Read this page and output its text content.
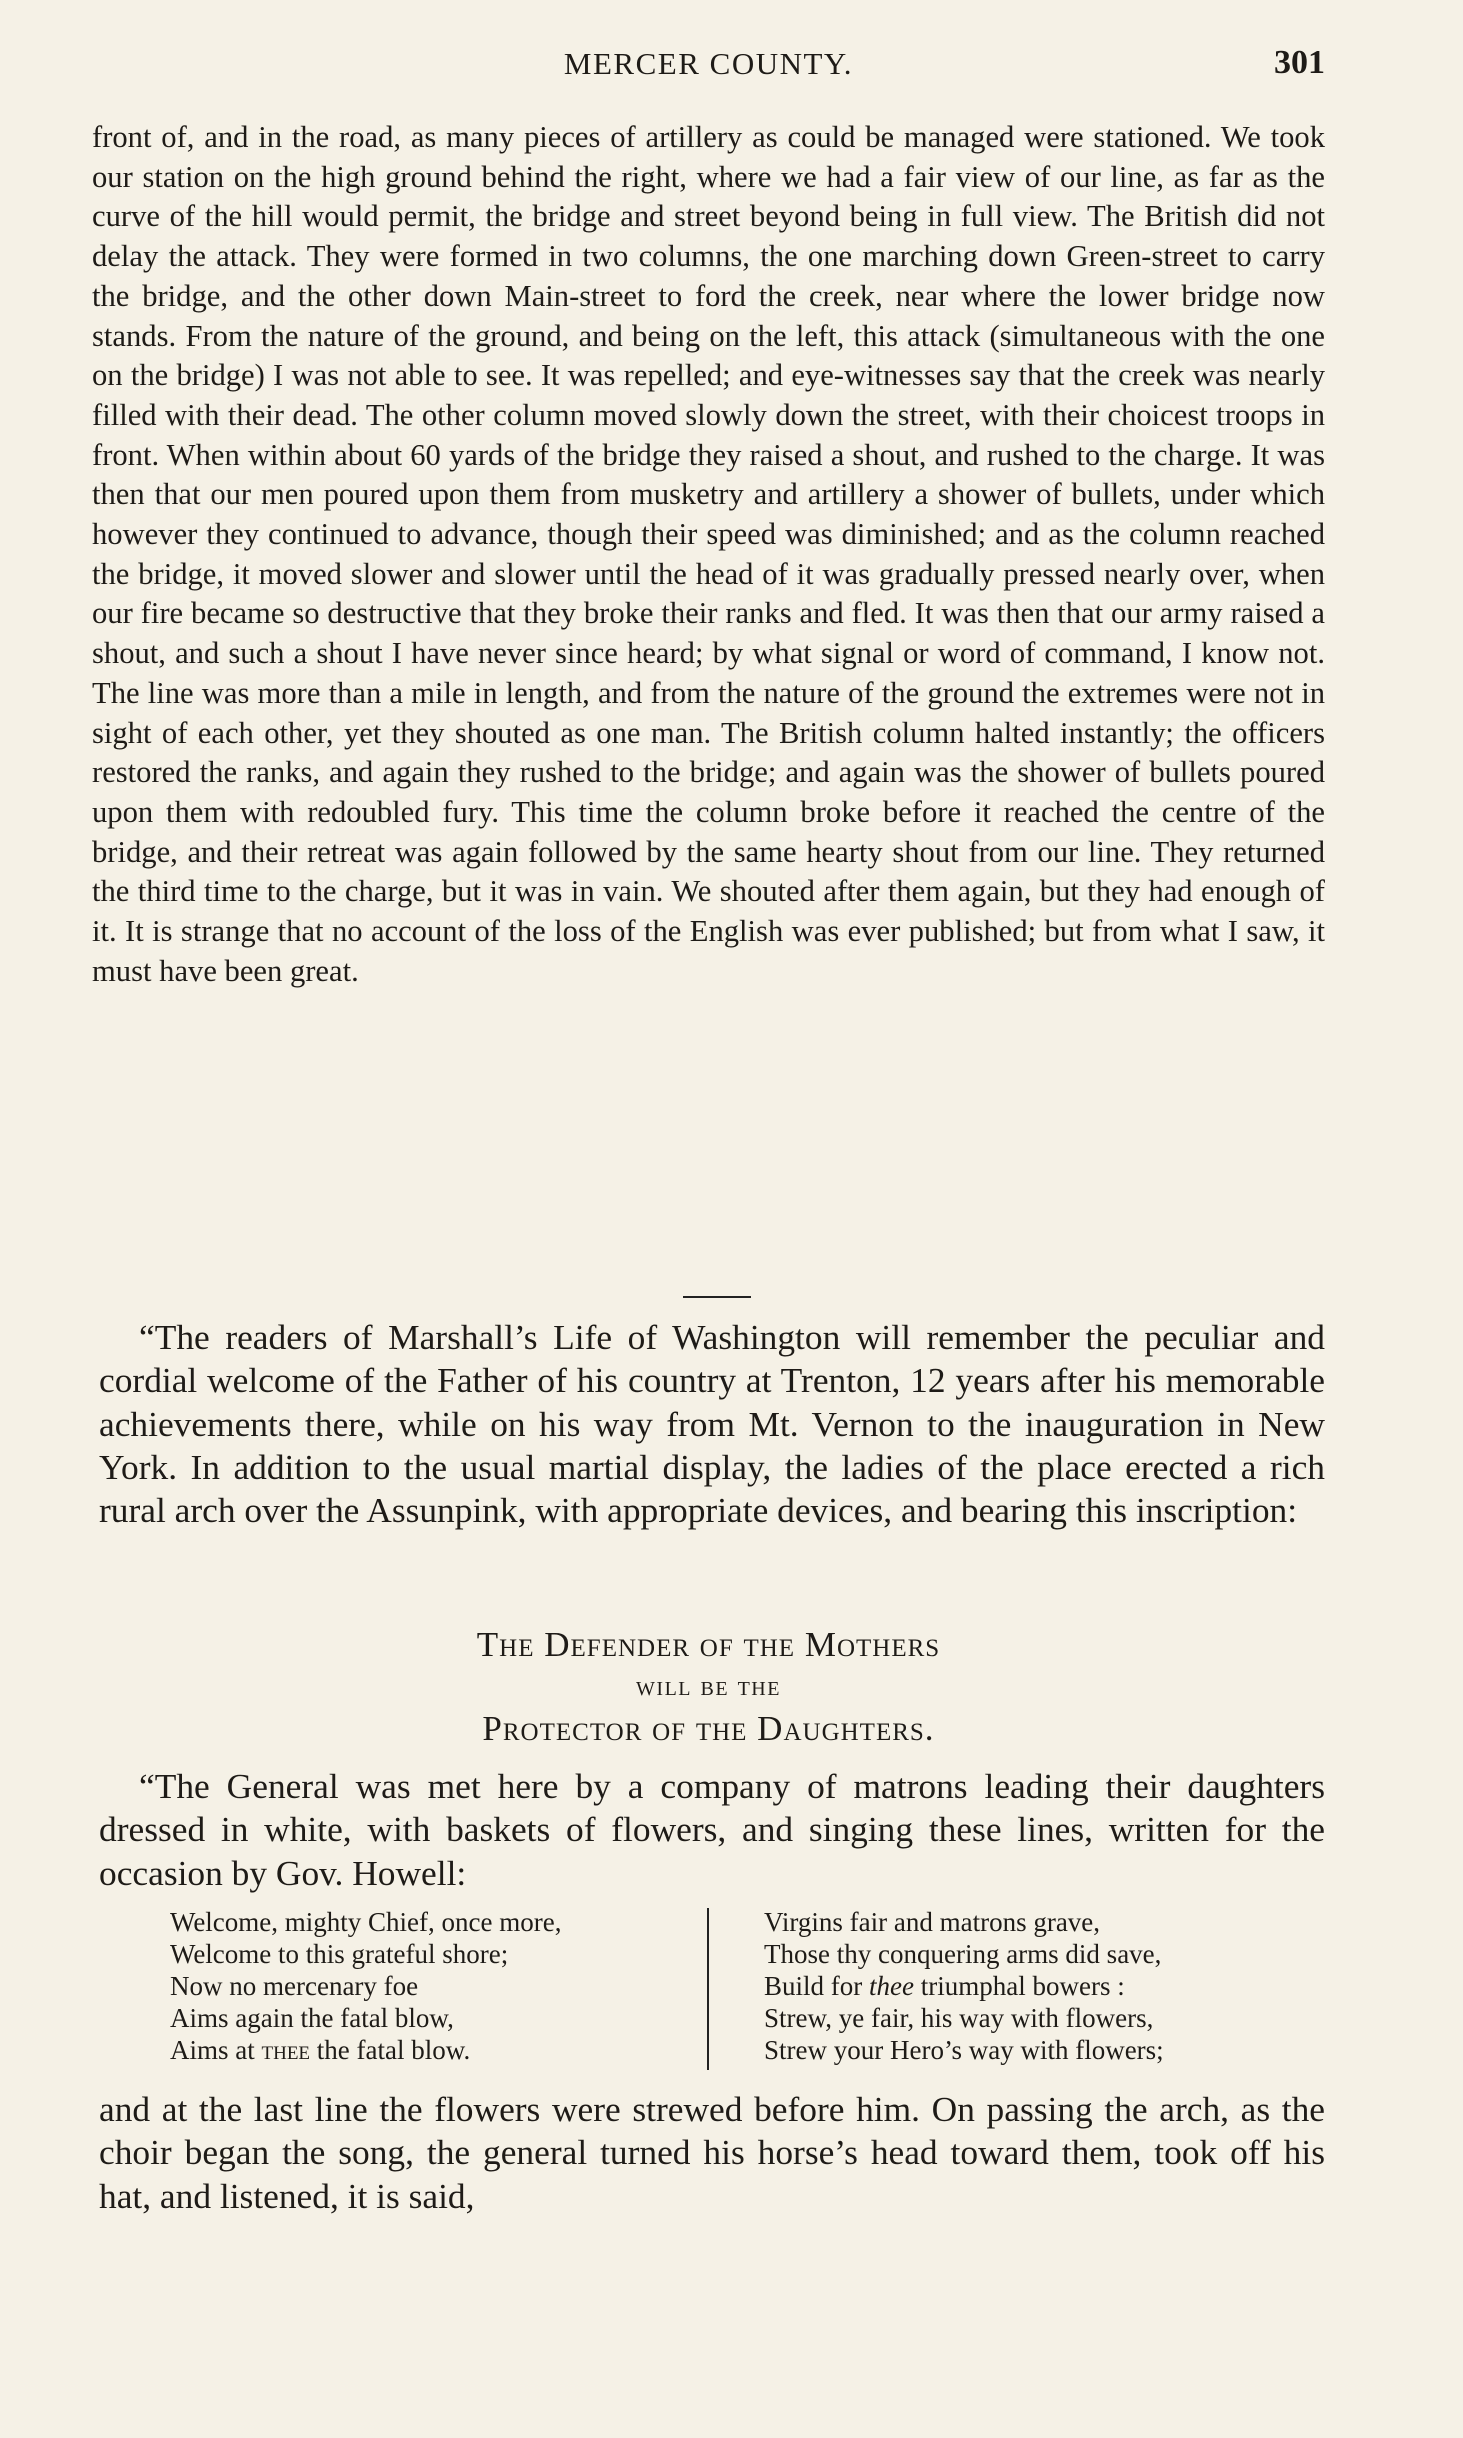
MERCER COUNTY.	301

front of, and in the road, as many pieces of artillery as could be managed were stationed. We took our station on the high ground behind the right, where we had a fair view of our line, as far as the curve of the hill would permit, the bridge and street beyond being in full view. The British did not delay the attack. They were formed in two columns, the one marching down Green-street to carry the bridge, and the other down Main-street to ford the creek, near where the lower bridge now stands. From the nature of the ground, and being on the left, this attack (simultaneous with the one on the bridge) I was not able to see. It was repelled; and eye-witnesses say that the creek was nearly filled with their dead. The other column moved slowly down the street, with their choicest troops in front. When within about 60 yards of the bridge they raised a shout, and rushed to the charge. It was then that our men poured upon them from musketry and artillery a shower of bullets, under which however they continued to advance, though their speed was diminished; and as the column reached the bridge, it moved slower and slower until the head of it was gradually pressed nearly over, when our fire became so destructive that they broke their ranks and fled. It was then that our army raised a shout, and such a shout I have never since heard; by what signal or word of command, I know not. The line was more than a mile in length, and from the nature of the ground the extremes were not in sight of each other, yet they shouted as one man. The British column halted instantly; the officers restored the ranks, and again they rushed to the bridge; and again was the shower of bullets poured upon them with redoubled fury. This time the column broke before it reached the centre of the bridge, and their retreat was again followed by the same hearty shout from our line. They returned the third time to the charge, but it was in vain. We shouted after them again, but they had enough of it. It is strange that no account of the loss of the English was ever published; but from what I saw, it must have been great.

“The readers of Marshall’s Life of Washington will remember the peculiar and cordial welcome of the Father of his country at Trenton, 12 years after his memorable achievements there, while on his way from Mt. Vernon to the inauguration in New York. In addition to the usual martial display, the ladies of the place erected a rich rural arch over the Assunpink, with appropriate devices, and bearing this inscription:

The Defender of the Mothers
will be the
Protector of the Daughters.

“The General was met here by a company of matrons leading their daughters dressed in white, with baskets of flowers, and singing these lines, written for the occasion by Gov. Howell:

Welcome, mighty Chief, once more,
Welcome to this grateful shore;
Now no mercenary foe
Aims again the fatal blow,
Aims at thee the fatal blow.
Virgins fair and matrons grave,
Those thy conquering arms did save,
Build for thee triumphal bowers :
Strew, ye fair, his way with flowers,
Strew your Hero’s way with flowers;

and at the last line the flowers were strewed before him. On passing the arch, as the choir began the song, the general turned his horse’s head toward them, took off his hat, and listened, it is said,
